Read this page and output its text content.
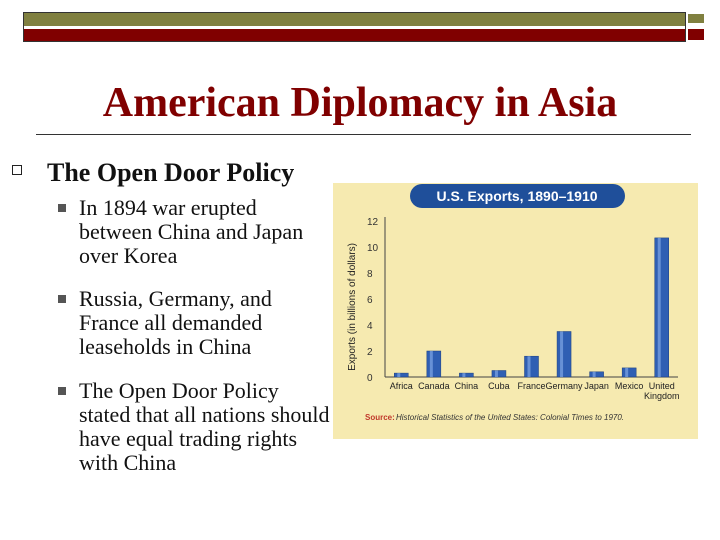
American Diplomacy in Asia
The Open Door Policy
In 1894 war erupted between China and Japan over Korea
Russia, Germany, and France all demanded leaseholds in China
The Open Door Policy stated that all nations should have equal trading rights with China
U.S. Exports, 1890–1910
12
10
8
6
4
2
0
Africa Canada China Cuba France Germany Japan Mexico United Kingdom
Exports (in billions of dollars)
Source: Historical Statistics of the United States: Colonial Times to 1970.
